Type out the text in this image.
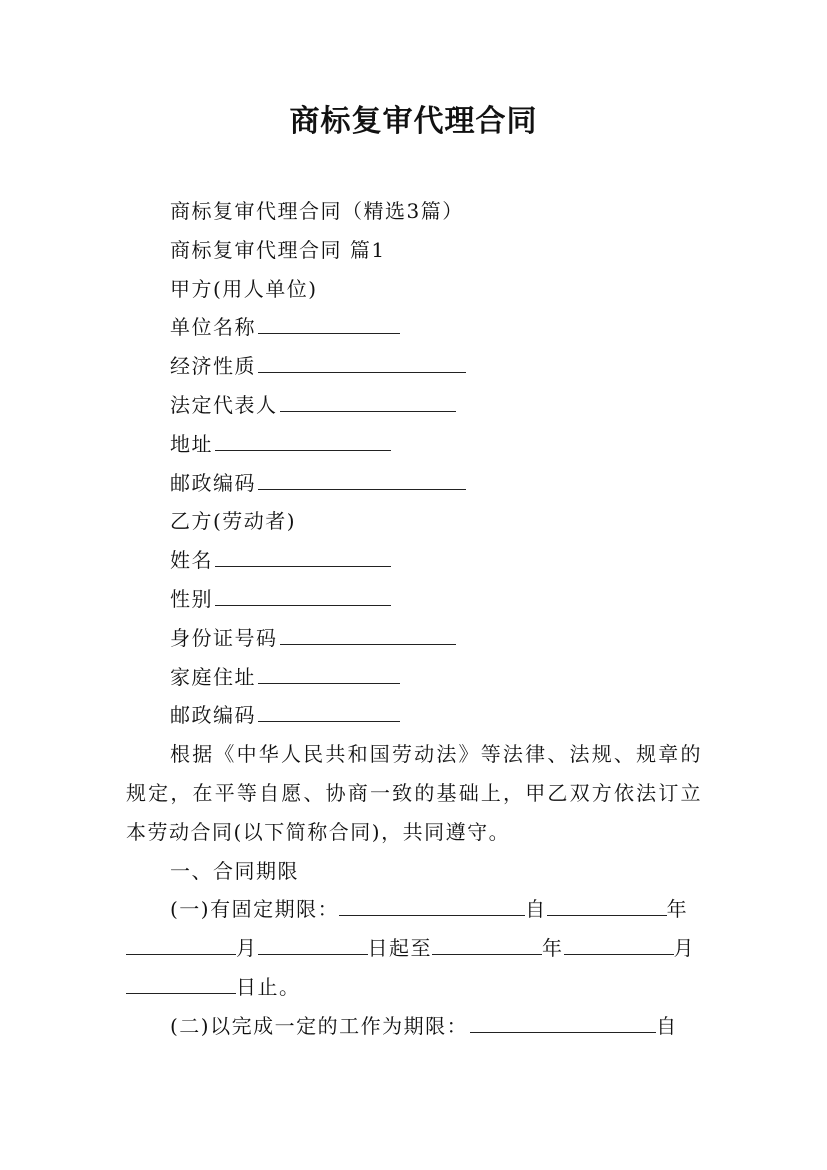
商标复审代理合同

商标复审代理合同（精选3篇）

商标复审代理合同 篇1

甲方(用人单位)

单位名称

经济性质

法定代表人

地址

邮政编码

乙方(劳动者)

姓名

性别

身份证号码

家庭住址

邮政编码

根据《中华人民共和国劳动法》等法律、法规、规章的规定，在平等自愿、协商一致的基础上，甲乙双方依法订立本劳动合同(以下简称合同)，共同遵守。

一、合同期限

(一)有固定期限：	自	年
月	日起至	年	月
日止。

(二)以完成一定的工作为期限：	自
